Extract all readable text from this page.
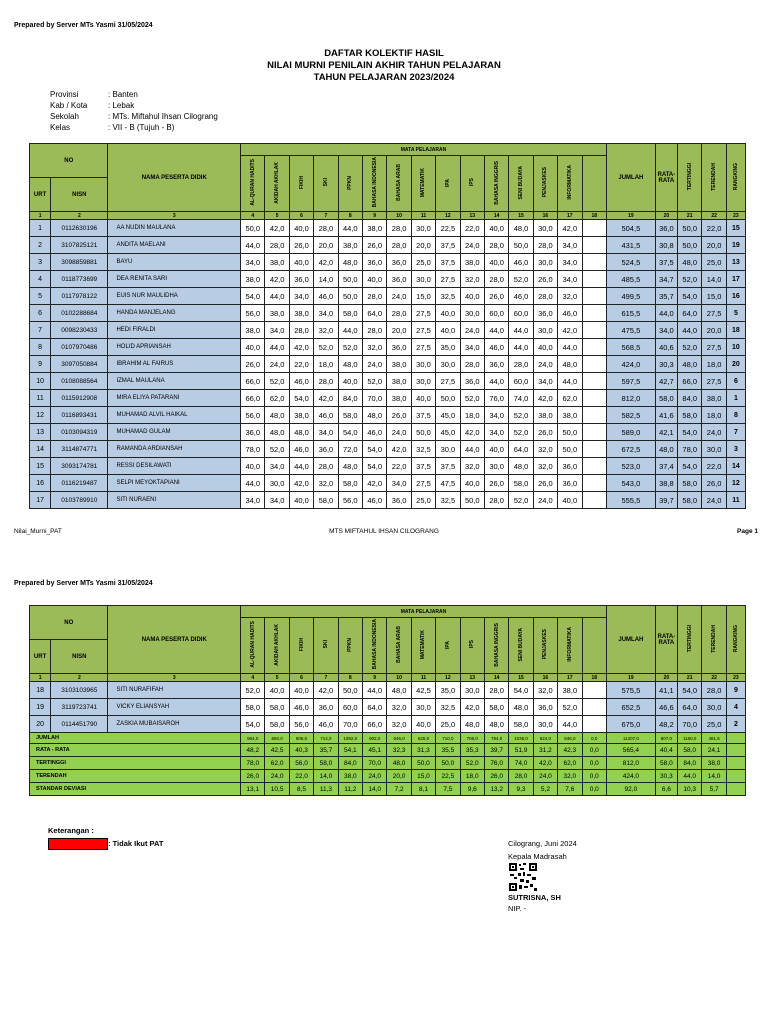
Prepared by Server MTs Yasmi 31/05/2024
DAFTAR KOLEKTIF HASIL
NILAI MURNI PENILAIN AKHIR TAHUN PELAJARAN
TAHUN PELAJARAN 2023/2024
Provinsi	: Banten
Kab / Kota	: Lebak
Sekolah	: MTs. Miftahul Ihsan Cilograng
Kelas	: VII - B (Tujuh - B)
NO		NAMA PESERTA DIDIK	MATA PELAJARAN															JUMLAH	RATA-RATA	TERTINGGI	TERENDAH	RANGKING
			AL-QURAN HADITS	AKIDAH AKHLAK	FIKIH	SKI	PPKN	BAHASA INDONESIA	BAHASA ARAB	MATEMATIK	IPA	IPS	BAHASA INGGRIS	SENI BUDAYA	PENJASKES	INFORMATIKA						
URT	NISN																					

1	2	3	4	5	6	7	8	9	10	11	12	13	14	15	16	17	18	19	20	21	22	23
1	0112630196	AA NUDIN MAULANA	50,0	42,0	40,0	28,0	44,0	38,0	28,0	30,0	22,5	22,0	40,0	48,0	30,0	42,0		504,5	36,0	50,0	22,0	15
2	3107825121	ANDITA MAELANI	44,0	28,0	26,0	20,0	38,0	26,0	28,0	20,0	37,5	24,0	28,0	50,0	28,0	34,0		431,5	30,8	50,0	20,0	19
3	3098859881	BAYU	34,0	38,0	40,0	42,0	48,0	36,0	36,0	25,0	37,5	38,0	40,0	46,0	30,0	34,0		524,5	37,5	48,0	25,0	13
4	0118773699	DEA RENITA SARI	38,0	42,0	36,0	14,0	50,0	40,0	36,0	30,0	27,5	32,0	28,0	52,0	26,0	34,0		485,5	34,7	52,0	14,0	17
5	0117978122	EUIS NUR MAULIDHA	54,0	44,0	34,0	46,0	50,0	28,0	24,0	15,0	32,5	40,0	26,0	46,0	28,0	32,0		499,5	35,7	54,0	15,0	16
6	0102288684	HANDA MANJELANG	56,0	38,0	38,0	34,0	58,0	64,0	28,0	27,5	40,0	30,0	60,0	60,0	36,0	46,0		615,5	44,0	64,0	27,5	5
7	0098230433	HEDI FIRALDI	38,0	34,0	28,0	32,0	44,0	28,0	20,0	27,5	40,0	24,0	44,0	44,0	30,0	42,0		475,5	34,0	44,0	20,0	18
8	0107970486	HOLID APRIANSAH	40,0	44,0	42,0	52,0	52,0	32,0	36,0	27,5	35,0	34,0	46,0	44,0	40,0	44,0		568,5	40,6	52,0	27,5	10
9	3097050884	IBRAHIM AL FAIRUS	26,0	24,0	22,0	18,0	48,0	24,0	38,0	30,0	30,0	28,0	36,0	28,0	24,0	48,0		424,0	30,3	48,0	18,0	20
10	0108088564	IZMAL MAULANA	66,0	52,0	46,0	28,0	40,0	52,0	38,0	30,0	27,5	36,0	44,0	60,0	34,0	44,0		597,5	42,7	66,0	27,5	6
11	0115912908	MIRA ELIYA PATARANI	66,0	62,0	54,0	42,0	84,0	70,0	38,0	40,0	50,0	52,0	76,0	74,0	42,0	62,0		812,0	58,0	84,0	38,0	1
12	0116893431	MUHAMAD ALVIL HAIKAL	56,0	48,0	38,0	46,0	58,0	48,0	26,0	37,5	45,0	18,0	34,0	52,0	38,0	38,0		582,5	41,6	58,0	18,0	8
13	0103094319	MUHAMAD GULAM	36,0	48,0	48,0	34,0	54,0	46,0	24,0	50,0	45,0	42,0	34,0	52,0	26,0	50,0		589,0	42,1	54,0	24,0	7
14	3114874771	RAMANDA ARDIANSAH	78,0	52,0	46,0	36,0	72,0	54,0	42,0	32,5	30,0	44,0	40,0	64,0	32,0	50,0		672,5	48,0	78,0	30,0	3
15	3093174781	RESSI DESILAWATI	40,0	34,0	44,0	28,0	48,0	54,0	22,0	37,5	37,5	32,0	30,0	48,0	32,0	36,0		523,0	37,4	54,0	22,0	14
16	0116219487	SELPI MEYOKTAPIANI	44,0	30,0	42,0	32,0	58,0	42,0	34,0	27,5	47,5	40,0	26,0	58,0	26,0	36,0		543,0	38,8	58,0	26,0	12
17	0103789910	SITI NURAENI	34,0	34,0	40,0	58,0	56,0	46,0	36,0	25,0	32,5	50,0	28,0	52,0	24,0	40,0		555,5	39,7	58,0	24,0	11
Nilai_Murni_PAT	MTS MIFTAHUL IHSAN CILOGRANG	Page 1
Prepared by Server MTs Yasmi 31/05/2024
NO		NAMA PESERTA DIDIK	MATA PELAJARAN															JUMLAH	RATA-RATA	TERTINGGI	TERENDAH	RANGKING
			AL-QURAN HADITS	AKIDAH AKHLAK	FIKIH	SKI	PPKN	BAHASA INDONESIA	BAHASA ARAB	MATEMATIK	IPA	IPS	BAHASA INGGRIS	SENI BUDAYA	PENJASKES	INFORMATIKA						
URT	NISN																					

1	2	3	4	5	6	7	8	9	10	11	12	13	14	15	16	17	18	19	20	21	22	23
18	3103103965	SITI NURAFIFAH	52,0	40,0	40,0	42,0	50,0	44,0	48,0	42,5	35,0	30,0	28,0	54,0	32,0	38,0		575,5	41,1	54,0	28,0	9
19	3119723741	VICKY ELIANSYAH	58,0	58,0	46,0	36,0	60,0	64,0	32,0	30,0	32,5	42,0	58,0	48,0	36,0	52,0		652,5	46,6	64,0	30,0	4
20	0114451790	ZASKIA MUBAISAROH	54,0	58,0	56,0	46,0	70,0	66,0	32,0	40,0	25,0	48,0	48,0	58,0	30,0	44,0		675,0	48,2	70,0	25,0	2
JUMLAH			964,0	850,0	806,0	714,0	1082,0	902,0	646,0	625,0	710,0	706,0	794,0	1038,0	624,0	846,0	0,0	11307,0	807,0	1160,0	481,5	
RATA - RATA			48,2	42,5	40,3	35,7	54,1	45,1	32,3	31,3	35,5	35,3	39,7	51,9	31,2	42,3	0,0	565,4	40,4	58,0	24,1	
TERTINGGI			78,0	62,0	56,0	58,0	84,0	70,0	48,0	50,0	50,0	52,0	76,0	74,0	42,0	62,0	0,0	812,0	58,0	84,0	38,0	
TERENDAH			26,0	24,0	22,0	14,0	38,0	24,0	20,0	15,0	22,5	18,0	26,0	28,0	24,0	32,0	0,0	424,0	30,3	44,0	14,0	
STANDAR DEVIASI			13,1	10,5	8,5	11,3	11,2	14,0	7,2	8,1	7,5	9,6	13,2	9,3	5,2	7,6	0,0	92,0	6,6	10,3	5,7	
Keterangan :
: Tidak Ikut PAT	Cilograng, Juni 2024
Kepala Madrasah
SUTRISNA, SH
NIP. -
